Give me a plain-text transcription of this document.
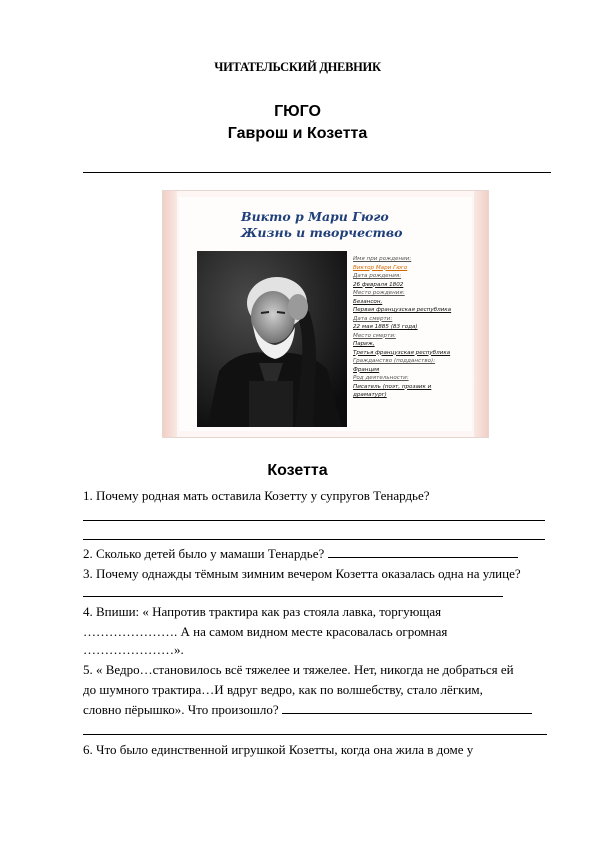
ЧИТАТЕЛЬСКИЙ ДНЕВНИК
ГЮГО
Гаврош и Козетта
Викто р Мари Гюго
Жизнь и творчество
Имя при рождении:
Виктор Мари Гюго
Дата рождения:
26 февраля 1802
Место рождения:
Безансон,
Первая французская республика
Дата смерти:
22 мая 1885 (83 года)
Место смерти:
Париж,
Третья французская республика
Гражданство (подданство):
Франция
Род деятельности:
Писатель (поэт, прозаик и
драматург)
Козетта
1. Почему родная мать оставила Козетту у супругов Тенардье?
2. Сколько детей было у мамаши Тенардье?
3. Почему однажды тёмным зимним вечером Козетта оказалась одна на улице?
4. Впиши: « Напротив трактира как раз стояла лавка, торгующая
…………………. А на самом видном месте красовалась огромная
…………………».
5. « Ведро…становилось всё тяжелее и тяжелее. Нет, никогда не добраться ей
до шумного трактира…И вдруг ведро, как по волшебству, стало лёгким,
словно пёрышко». Что произошло?
6. Что было единственной игрушкой Козетты, когда она жила в доме у
